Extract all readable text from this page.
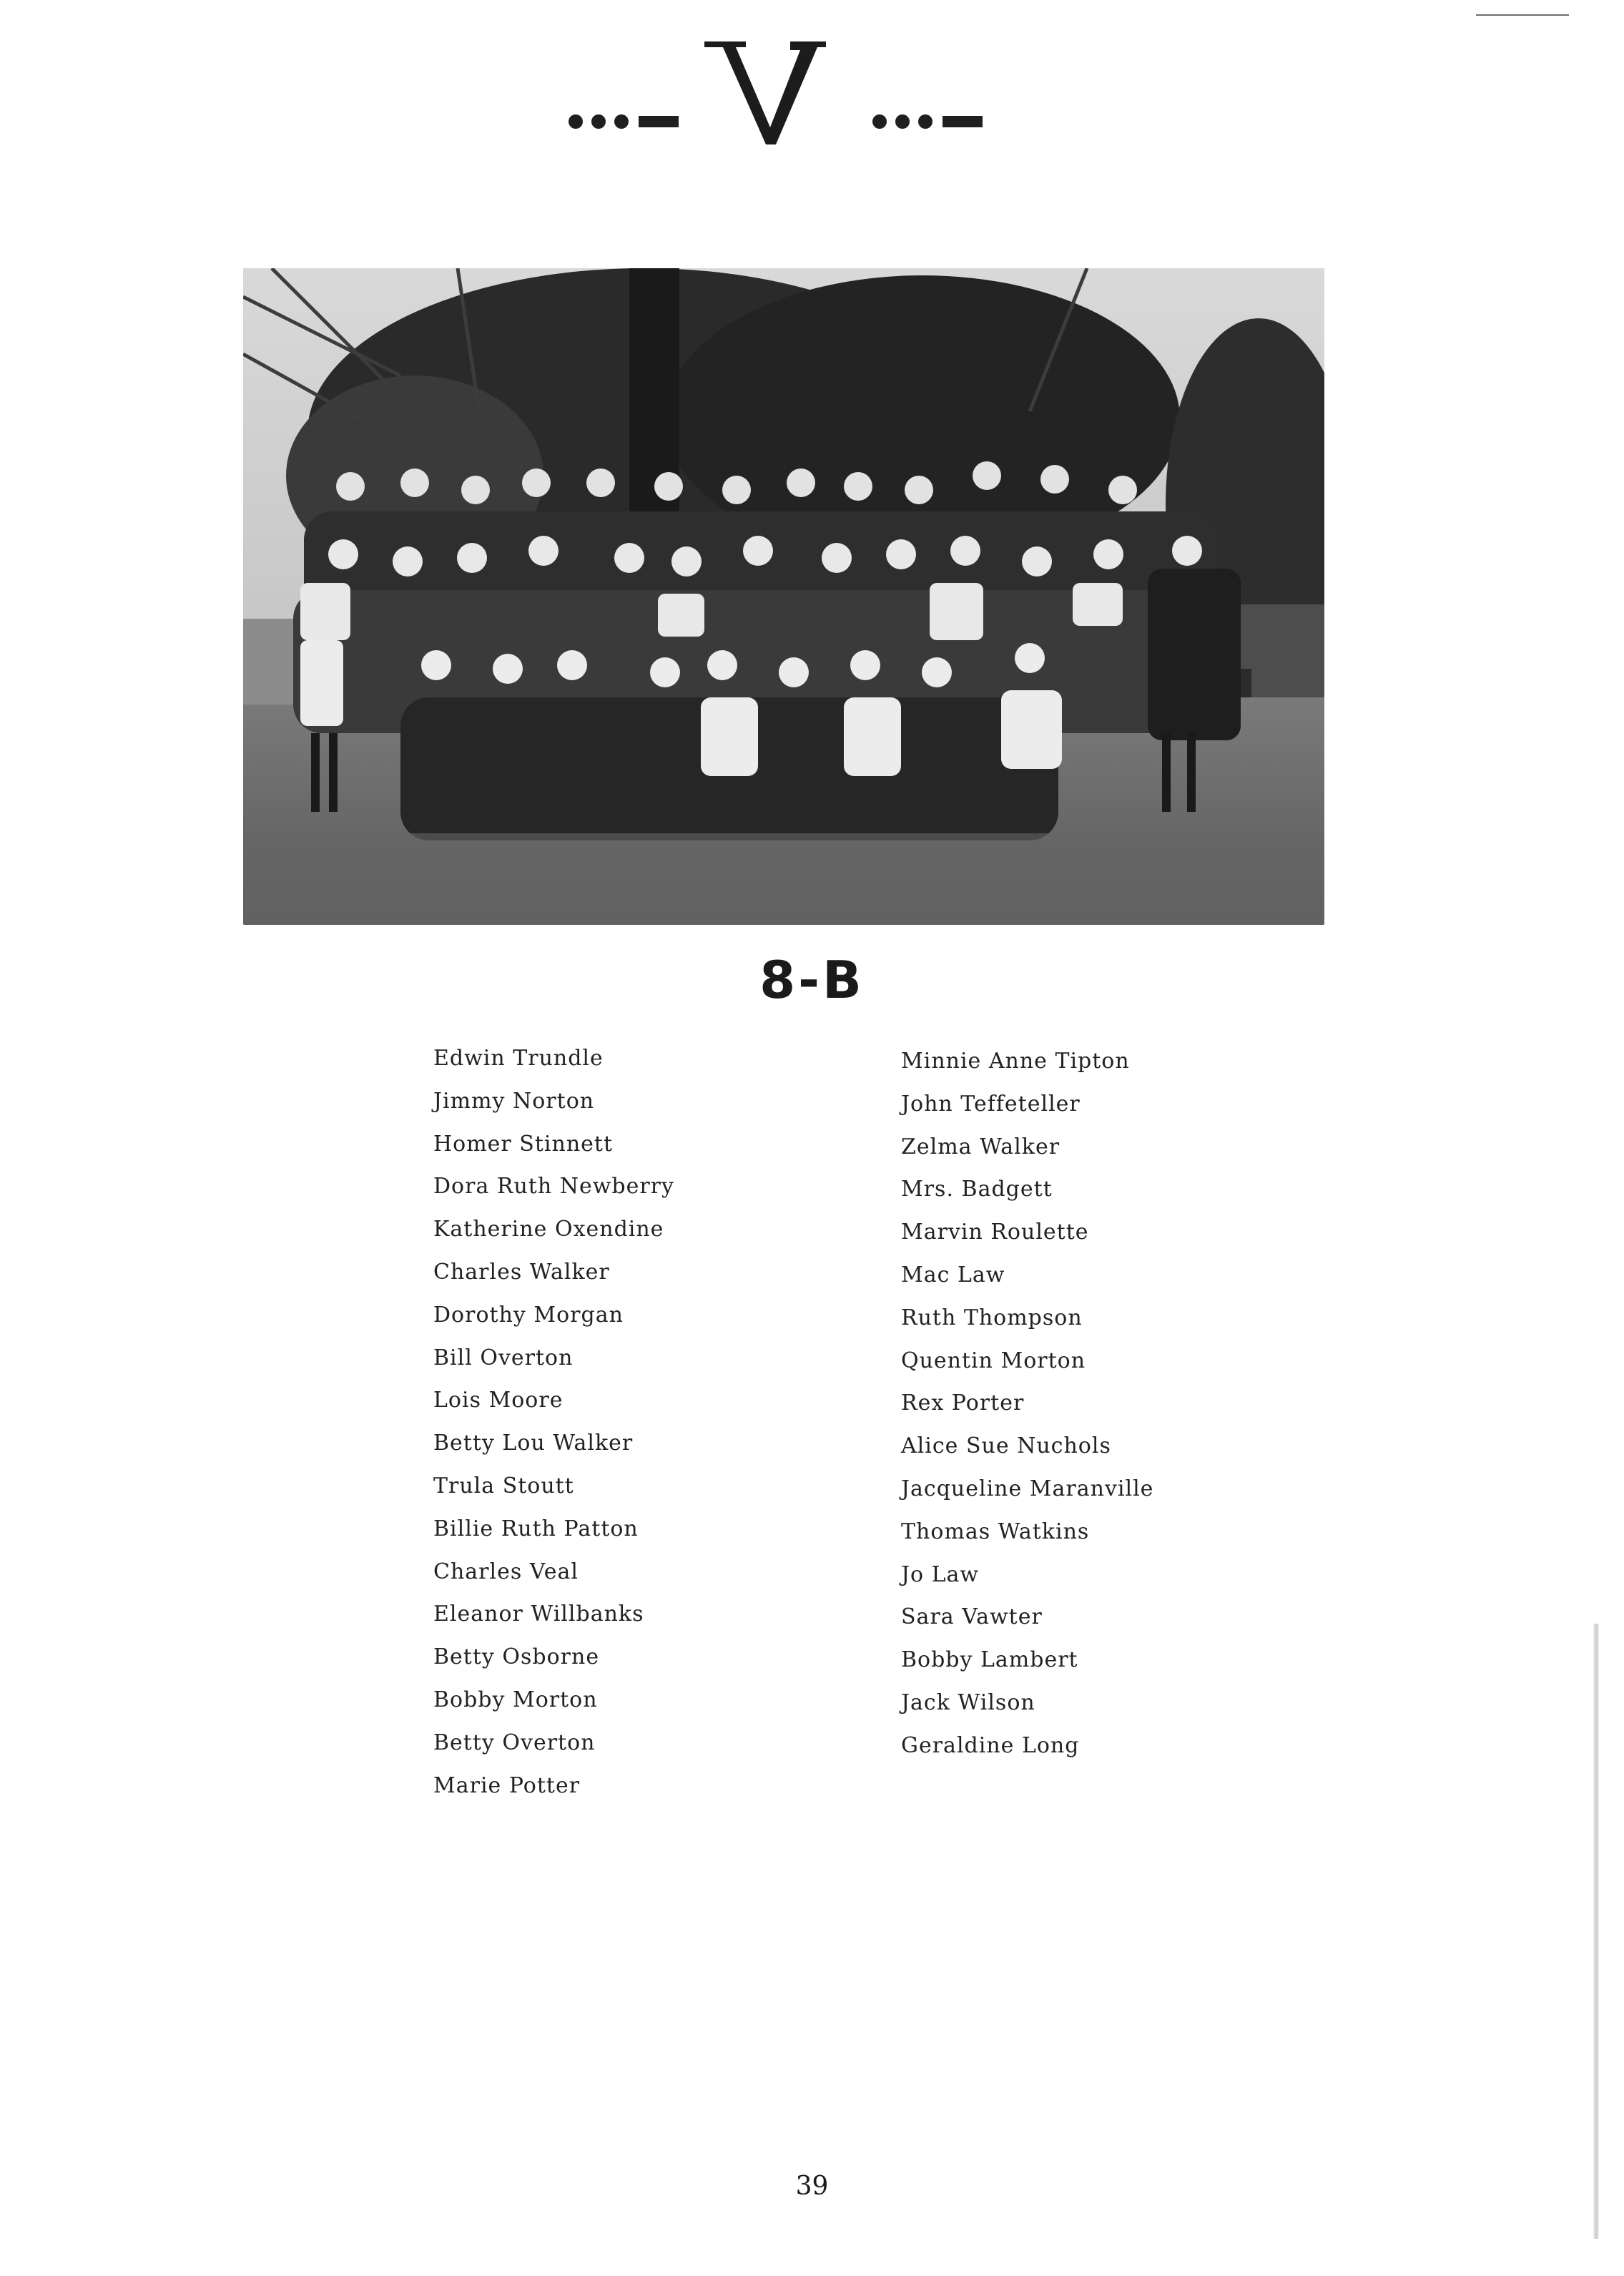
8-B
Edwin Trundle
Jimmy Norton
Homer Stinnett
Dora Ruth Newberry
Katherine Oxendine
Charles Walker
Dorothy Morgan
Bill Overton
Lois Moore
Betty Lou Walker
Trula Stoutt
Billie Ruth Patton
Charles Veal
Eleanor Willbanks
Betty Osborne
Bobby Morton
Betty Overton
Marie Potter
Minnie Anne Tipton
John Teffeteller
Zelma Walker
Mrs. Badgett
Marvin Roulette
Mac Law
Ruth Thompson
Quentin Morton
Rex Porter
Alice Sue Nuchols
Jacqueline Maranville
Thomas Watkins
Jo Law
Sara Vawter
Bobby Lambert
Jack Wilson
Geraldine Long
39
